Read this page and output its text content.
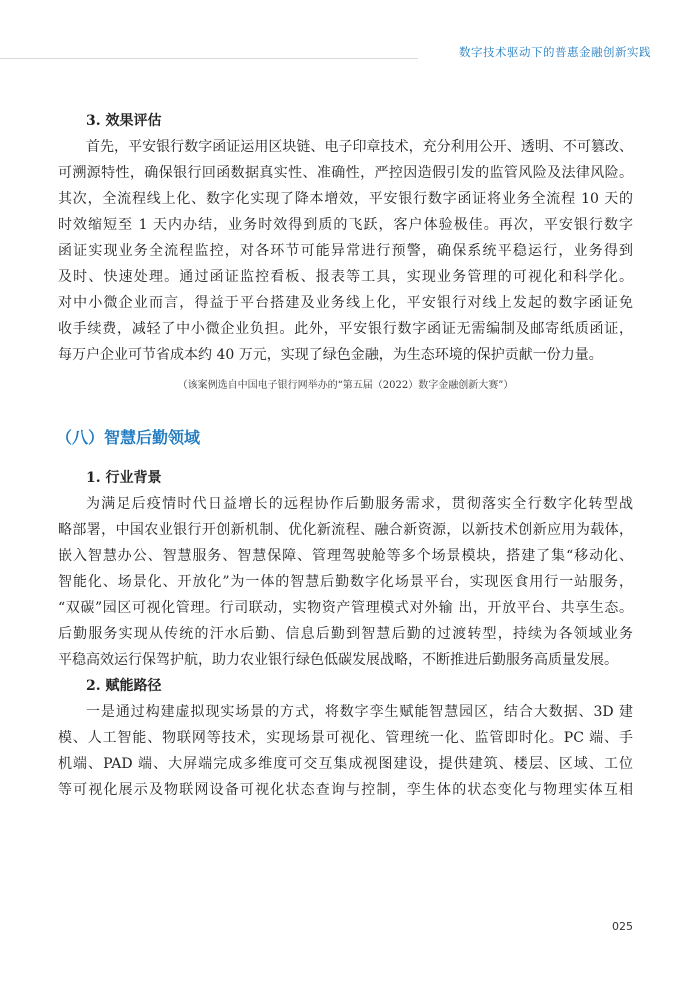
数字技术驱动下的普惠金融创新实践

3. 效果评估

首先，平安银行数字函证运用区块链、电子印章技术，充分利用公开、透明、不可篡改、
可溯源特性，确保银行回函数据真实性、准确性，严控因造假引发的监管风险及法律风险。
其次，全流程线上化、数字化实现了降本增效，平安银行数字函证将业务全流程 10 天的
时效缩短至 1 天内办结，业务时效得到质的飞跃，客户体验极佳。再次，平安银行数字
函证实现业务全流程监控，对各环节可能异常进行预警，确保系统平稳运行，业务得到
及时、快速处理。通过函证监控看板、报表等工具，实现业务管理的可视化和科学化。
对中小微企业而言，得益于平台搭建及业务线上化，平安银行对线上发起的数字函证免
收手续费，减轻了中小微企业负担。此外，平安银行数字函证无需编制及邮寄纸质函证，
每万户企业可节省成本约 40 万元，实现了绿色金融，为生态环境的保护贡献一份力量。

（该案例选自中国电子银行网举办的“第五届（2022）数字金融创新大赛”）

（八）智慧后勤领域

1. 行业背景

为满足后疫情时代日益增长的远程协作后勤服务需求，贯彻落实全行数字化转型战
略部署，中国农业银行开创新机制、优化新流程、融合新资源，以新技术创新应用为载体，
嵌入智慧办公、智慧服务、智慧保障、管理驾驶舱等多个场景模块，搭建了集“移动化、
智能化、场景化、开放化”为一体的智慧后勤数字化场景平台，实现医食用行一站服务，
“双碳”园区可视化管理。行司联动，实物资产管理模式对外输 出，开放平台、共享生态。
后勤服务实现从传统的汗水后勤、信息后勤到智慧后勤的过渡转型，持续为各领域业务
平稳高效运行保驾护航，助力农业银行绿色低碳发展战略，不断推进后勤服务高质量发展。

2. 赋能路径

一是通过构建虚拟现实场景的方式，将数字孪生赋能智慧园区，结合大数据、3D 建
模、人工智能、物联网等技术，实现场景可视化、管理统一化、监管即时化。PC 端、手
机端、PAD 端、大屏端完成多维度可交互集成视图建设，提供建筑、楼层、区域、工位
等可视化展示及物联网设备可视化状态查询与控制，孪生体的状态变化与物理实体互相

025
